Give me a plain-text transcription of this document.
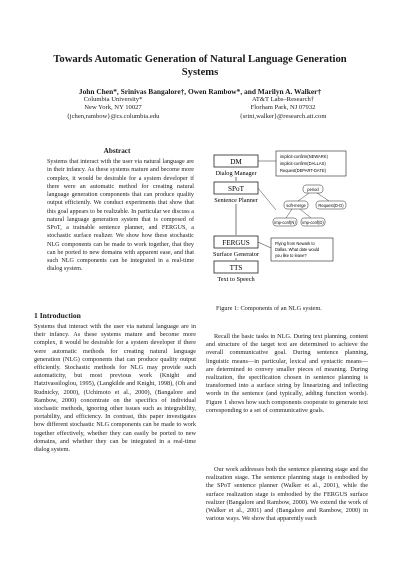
Towards Automatic Generation of Natural Language Generation Systems
John Chen*, Srinivas Bangalore†, Owen Rambow*, and Marilyn A. Walker†
Columbia University*
New York, NY 10027
{jchen,rambow}@cs.columbia.edu
AT&T Labs–Research†
Florham Park, NJ 07932
{srini,walker}@research.att.com
Abstract

Systems that interact with the user via natural language are in their infancy. As these systems mature and become more complex, it would be desirable for a system developer if there were an automatic method for creating natural language generation components that can produce quality output efficiently. We conduct experiments that show that this goal appears to be realizable. In particular we discuss a natural language generation system that is composed of SPoT, a trainable sentence planner, and FERGUS, a stochastic surface realizer. We show how these stochastic NLG components can be made to work together, that they can be ported to new domains with apparent ease, and that such NLG components can be integrated in a real-time dialog system.

1 Introduction

Systems that interact with the user via natural language are in their infancy. As these systems mature and become more complex, it would be desirable for a system developer if there were automatic methods for creating natural language generation (NLG) components that can produce quality output efficiently. Stochastic methods for NLG may provide such automaticity, but most previous work (Knight and Hatzivassiloglou, 1995), (Langkilde and Knight, 1998), (Oh and Rudnicky, 2000), (Uchimoto et al., 2000), (Bangalore and Rambow, 2000) concentrate on the specifics of individual stochastic methods, ignoring other issues such as integrability, portability, and efficiency. In contrast, this paper investigates how different stochastic NLG components can be made to work together effectively, whether they can easily be ported to new domains, and whether they can be integrated in a real-time dialog system.

DM
Dialog Manager
SPoT
Sentence Planner
FERGUS
Surface Generator
TTS
Text to Speech
implicit-confirm(NEWARK)
implicit-confirm(DALLAS)
Request(DEPART-DATE)
period
soft-merge	Request(D-D)
imp-conf(N) imp-conf(D)
Flying from Newark to
Dallas. What date would
you like to leave?

Figure 1: Components of an NLG system.

Recall the basic tasks in NLG. During text planning, content and structure of the target text are determined to achieve the overall communicative goal. During sentence planning, linguistic means—in particular, lexical and syntactic means—are determined to convey smaller pieces of meaning. During realization, the specification chosen in sentence planning is transformed into a surface string by linearizing and inflecting words in the sentence (and typically, adding function words). Figure 1 shows how such components cooperate to generate text corresponding to a set of communicative goals.

Our work addresses both the sentence planning stage and the realization stage. The sentence planning stage is embodied by the SPoT sentence planner (Walker et al., 2001), while the surface realization stage is embodied by the FERGUS surface realizer (Bangalore and Rambow, 2000). We extend the work of (Walker et al., 2001) and (Bangalore and Rambow, 2000) in various ways. We show that apparently each
